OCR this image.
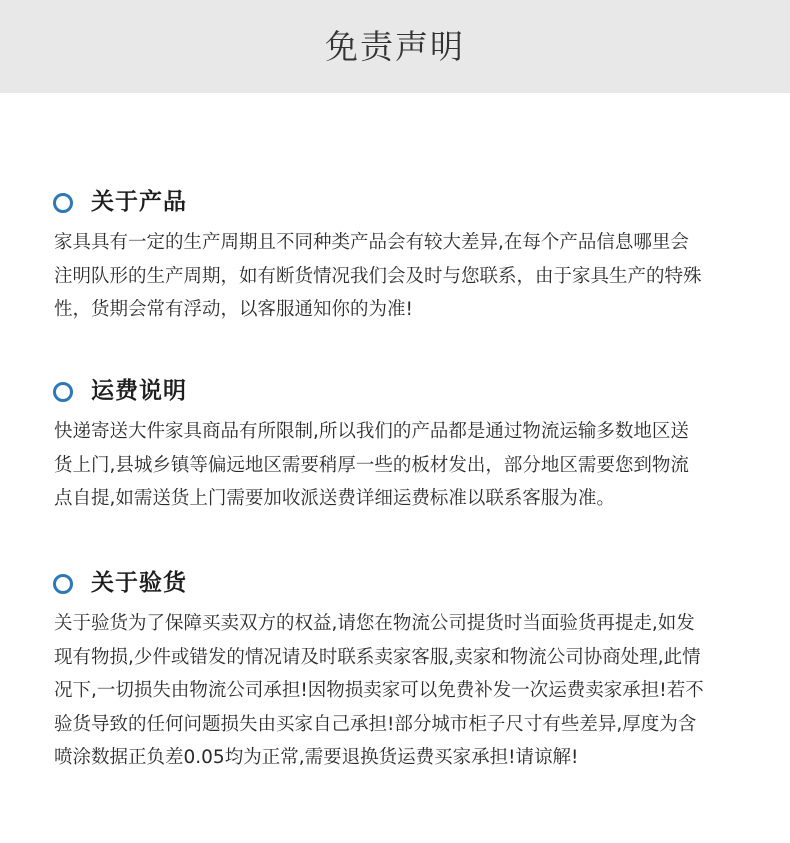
免责声明
关于产品
家具具有一定的生产周期且不同种类产品会有较大差异,在每个产品信息哪里会
注明队形的生产周期，如有断货情况我们会及时与您联系，由于家具生产的特殊
性，货期会常有浮动，以客服通知你的为准!
运费说明
快递寄送大件家具商品有所限制,所以我们的产品都是通过物流运输多数地区送
货上门,县城乡镇等偏远地区需要稍厚一些的板材发出，部分地区需要您到物流
点自提,如需送货上门需要加收派送费详细运费标准以联系客服为准。
关于验货
关于验货为了保障买卖双方的权益,请您在物流公司提货时当面验货再提走,如发
现有物损,少件或错发的情况请及时联系卖家客服,卖家和物流公司协商处理,此情
况下,一切损失由物流公司承担!因物损卖家可以免费补发一次运费卖家承担!若不
验货导致的任何问题损失由买家自己承担!部分城市柜子尺寸有些差异,厚度为含
喷涂数据正负差0.05均为正常,需要退换货运费买家承担!请谅解!
